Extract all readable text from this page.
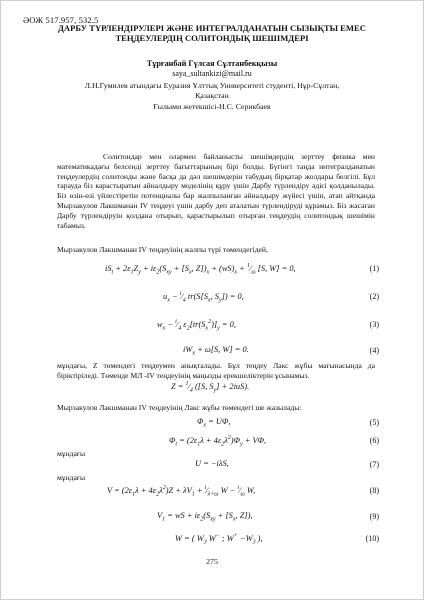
ӘОЖ 517.957, 532.5
ДАРБУ ТҮРЛЕНДІРУЛЕРІ ЖӘНЕ ИНТЕГРАЛДАНАТЫН СЫЗЫҚТЫ ЕМЕС
ТЕҢДЕУЛЕРДІҢ СОЛИТОНДЫҚ ШЕШІМДЕРІ
Тұрғанбай Гүлсая Сұлтанбекқызы
saya_sultankizi@mail.ru
Л.Н.Гумилев атындағы Еуразия Ұлттық Университеті студенті, Нұр-Сұлтан,
Қазақстан
Ғылыми жетекшісі-Н.С. Серикбаев
Солитондар мен олармен байланысты шешімдердің зерттеу физика мен математикадағы белсенді зерттеу бағыттарының бірі болды. Бүгінгі таңда интегралданатын теңдеулердің солитонды және басқа да дәл шешімдерін табудың бірқатар жолдары белгілі. Бұл тарауда біз карастыратын айналдыру моделінің құру үшін Дарбу түрлендіру әдісі қолданылады. Біз өзін-өзі үйлестіретін потенциалы бар жалпыланған айналдыру жүйесі үшін, атап айтқанда Мырзакулов Лакшманан IV теңдеуі үшін дарбу деп аталатын түрлендіруді құрамыз. Біз жасаған Дарбу түрлендіруін қолдана отырып, қарастырылып отырған теңдеудің солитондық шешімін табамыз.
Мырзакулов Лакшманан IV теңдеуінің жалпы түрі төмендегідей,
$iS_t + 2\varepsilon_1Z_y + i\varepsilon_2(S_{xy} + [S_x$, $Z])_x + (wS)_x$ + $^1⁄_\omega$ [S, W] = 0,	(1)
$u_x$ − $^i⁄_4$ $tr(S[S_x$, $S_y]) = 0$,	(2)
$w_x$ − $^i⁄_4$ $\varepsilon_2[tr(S_x^2)]_y = 0$,	(3)
$iW_x + \omega[S$, W] = 0.	(4)
мұндағы, Z төмендегі теңдеумен анықталады. Бұл теңдеу Лакс жұбы мағынасында да біріктіріледі. Төменде МЛ -IV теңдеуінің маңызды ерекшеліктерін ұсынамыз.
$Z = ^1⁄_4$ ([S, $S_y] + 2iuS$).
Мырзакулов Лакшманан IV теңдеуінің Лакс жұбы төмендегі ше жазылады:
$\Phi_x = U\Phi$,	(5)
$\Phi_t = (2\varepsilon_1\lambda + 4\varepsilon_2\lambda^2)\Phi_y + V\Phi$,	(6)
мұндағы
U = −iλS,	(7)
мұндағы
$V = (2\varepsilon_1\lambda + 4\varepsilon_2\lambda^2)Z + \lambda V_1$ + $^i⁄_{\lambda+\omega}$ $W - ^i⁄_\omega$ W,	(8)
$V_1$ = wS + $i\varepsilon_2(S_{xy} + [S_x$, Z]),	(9)
W = ( $W_3$ W− ; $W^+ -W_3$ ),	(10)
275
